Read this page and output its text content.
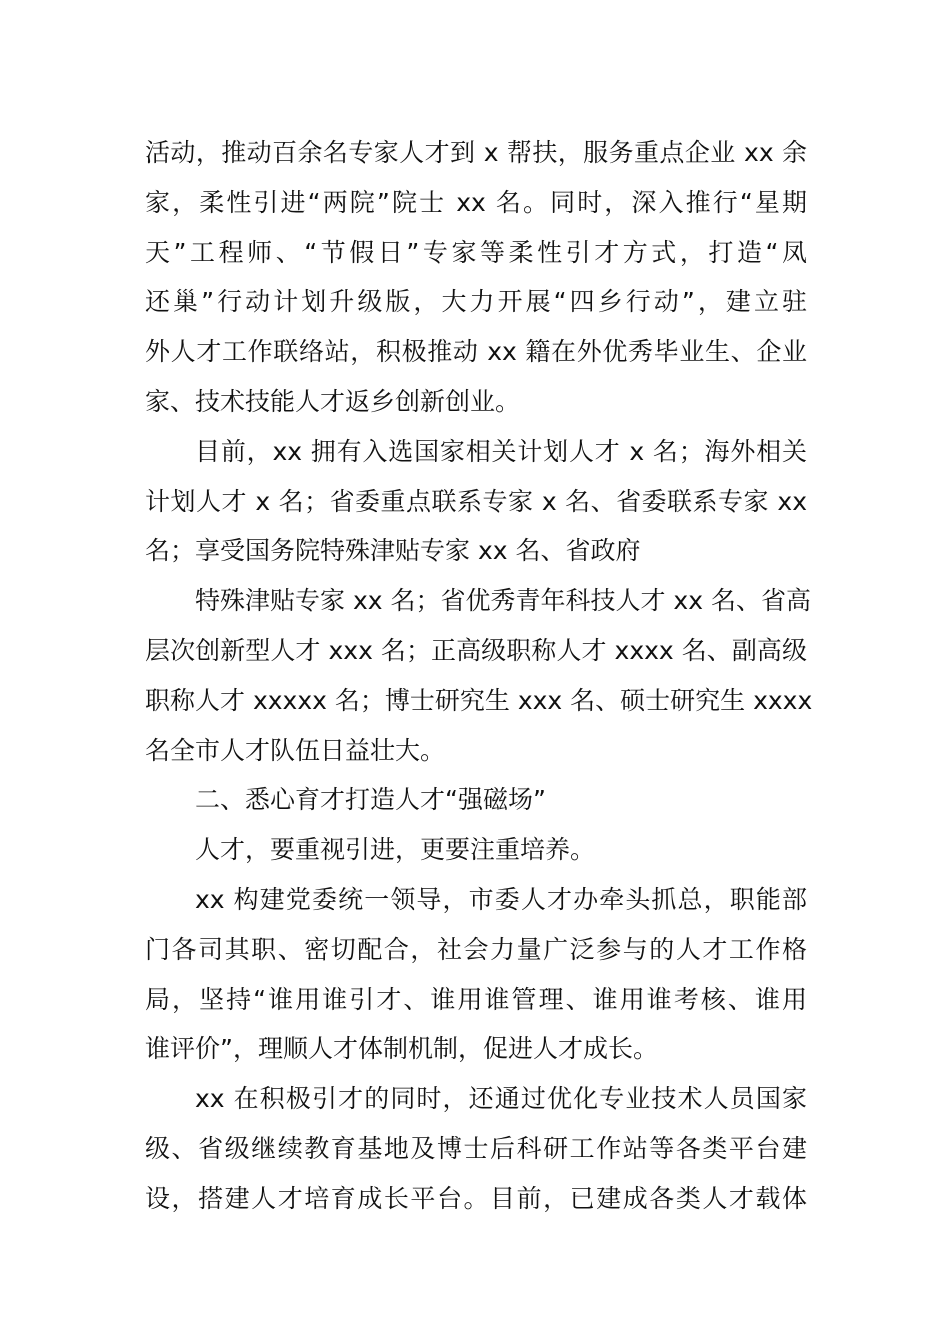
活动，推动百余名专家人才到 x 帮扶，服务重点企业 xx 余
家，柔性引进“两院”院士 xx 名。同时，深入推行“星期
天”工程师、“节假日”专家等柔性引才方式，打造“凤
还巢”行动计划升级版，大力开展“四乡行动”，建立驻
外人才工作联络站，积极推动 xx 籍在外优秀毕业生、企业
家、技术技能人才返乡创新创业。
目前，xx 拥有入选国家相关计划人才 x 名；海外相关
计划人才 x 名；省委重点联系专家 x 名、省委联系专家 xx
名；享受国务院特殊津贴专家 xx 名、省政府
特殊津贴专家 xx 名；省优秀青年科技人才 xx 名、省高
层次创新型人才 xxx 名；正高级职称人才 xxxx 名、副高级
职称人才 xxxxx 名；博士研究生 xxx 名、硕士研究生 xxxx
名全市人才队伍日益壮大。
二、悉心育才打造人才“强磁场”
人才，要重视引进，更要注重培养。
xx 构建党委统一领导，市委人才办牵头抓总，职能部
门各司其职、密切配合，社会力量广泛参与的人才工作格
局，坚持“谁用谁引才、谁用谁管理、谁用谁考核、谁用
谁评价”，理顺人才体制机制，促进人才成长。
xx 在积极引才的同时，还通过优化专业技术人员国家
级、省级继续教育基地及博士后科研工作站等各类平台建
设，搭建人才培育成长平台。目前，已建成各类人才载体
